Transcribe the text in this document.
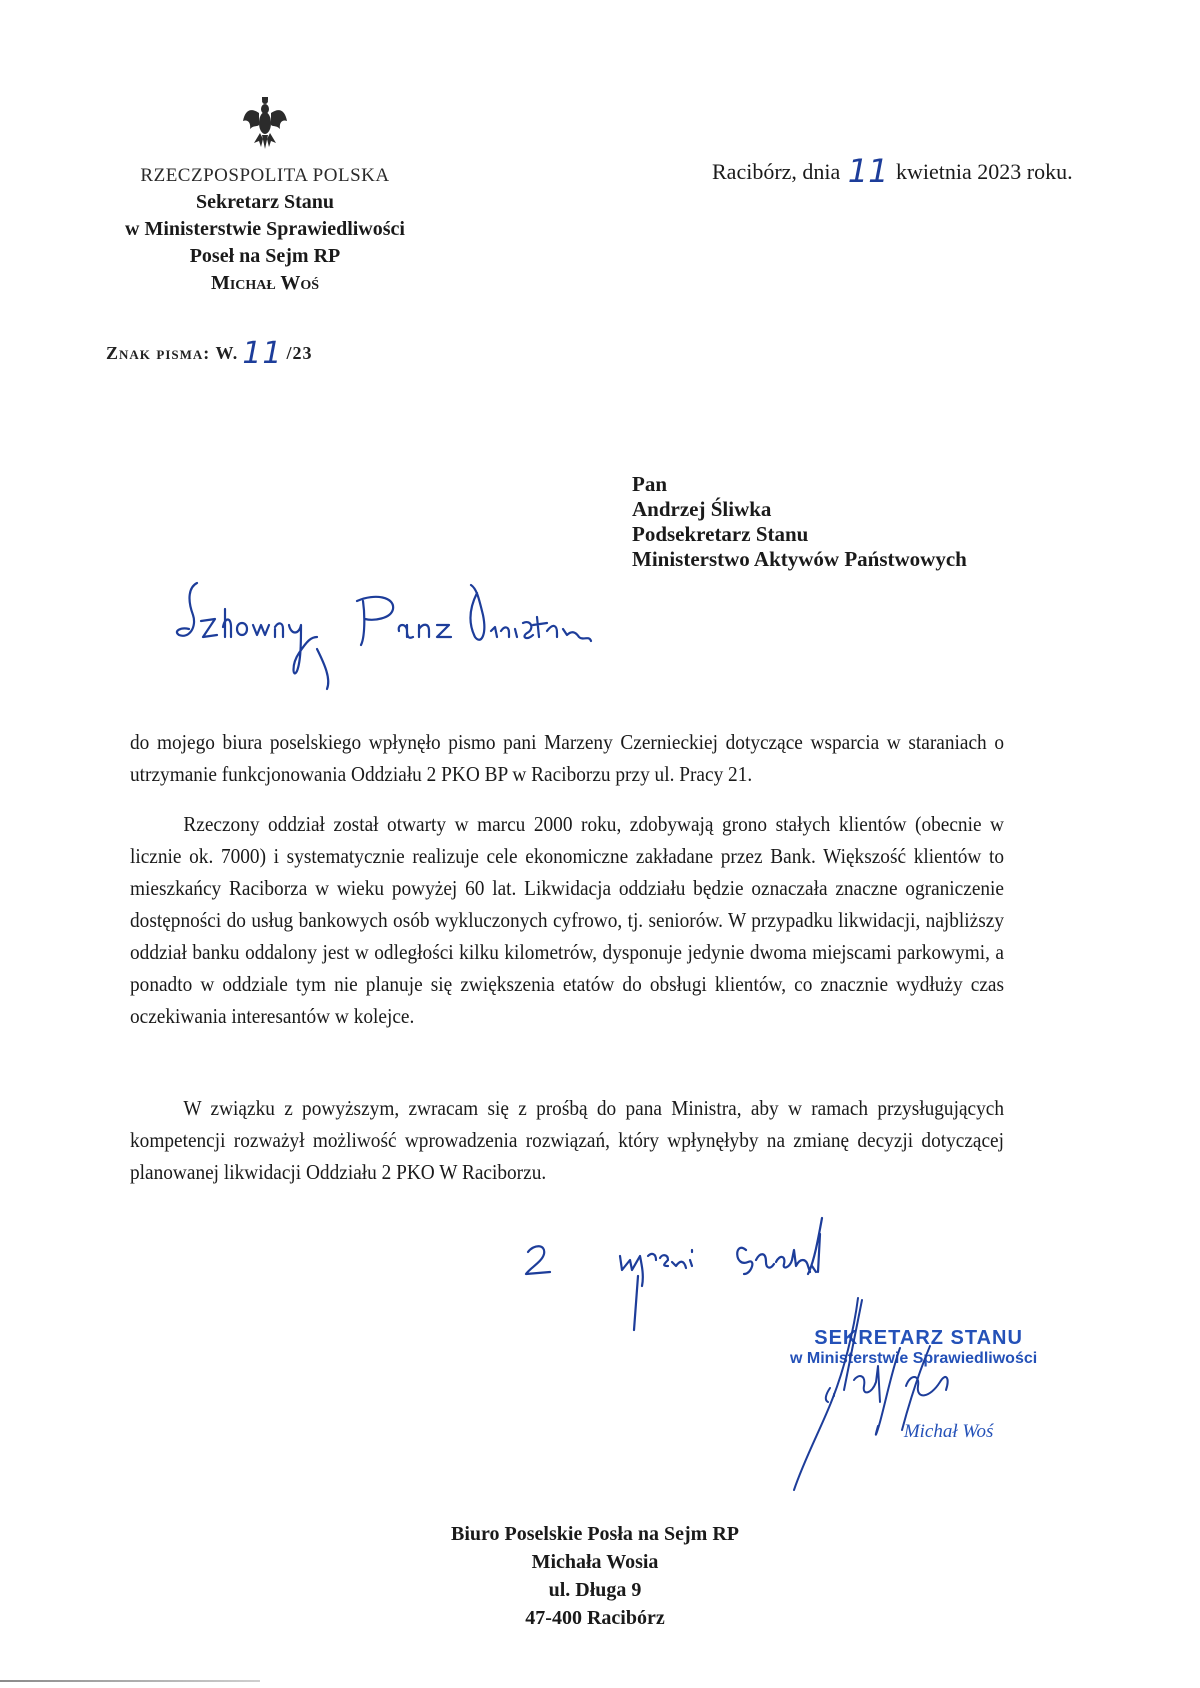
RZECZPOSPOLITA POLSKA
Sekretarz Stanu
w Ministerstwie Sprawiedliwości
Poseł na Sejm RP
Michał Woś
Znak pisma: W. 11 /23
Racibórz, dnia 11 kwietnia 2023 roku.
Pan
Andrzej Śliwka
Podsekretarz Stanu
Ministerstwo Aktywów Państwowych

do mojego biura poselskiego wpłynęło pismo pani Marzeny Czernieckiej dotyczące wsparcia w staraniach o utrzymanie funkcjonowania Oddziału 2 PKO BP w Raciborzu przy ul. Pracy 21.

Rzeczony oddział został otwarty w marcu 2000 roku, zdobywają grono stałych klientów (obecnie w licznie ok. 7000) i systematycznie realizuje cele ekonomiczne zakładane przez Bank. Większość klientów to mieszkańcy Raciborza w wieku powyżej 60 lat. Likwidacja oddziału będzie oznaczała znaczne ograniczenie dostępności do usług bankowych osób wykluczonych cyfrowo, tj. seniorów. W przypadku likwidacji, najbliższy oddział banku oddalony jest w odległości kilku kilometrów, dysponuje jedynie dwoma miejscami parkowymi, a ponadto w oddziale tym nie planuje się zwiększenia etatów do obsługi klientów, co znacznie wydłuży czas oczekiwania interesantów w kolejce.

W związku z powyższym, zwracam się z prośbą do pana Ministra, aby w ramach przysługujących kompetencji rozważył możliwość wprowadzenia rozwiązań, który wpłynęłyby na zmianę decyzji dotyczącej planowanej likwidacji Oddziału 2 PKO W Raciborzu.

SEKRETARZ STANU
w Ministerstwie Sprawiedliwości
Michał Woś
Biuro Poselskie Posła na Sejm RP
Michała Wosia
ul. Długa 9
47-400 Racibórz
